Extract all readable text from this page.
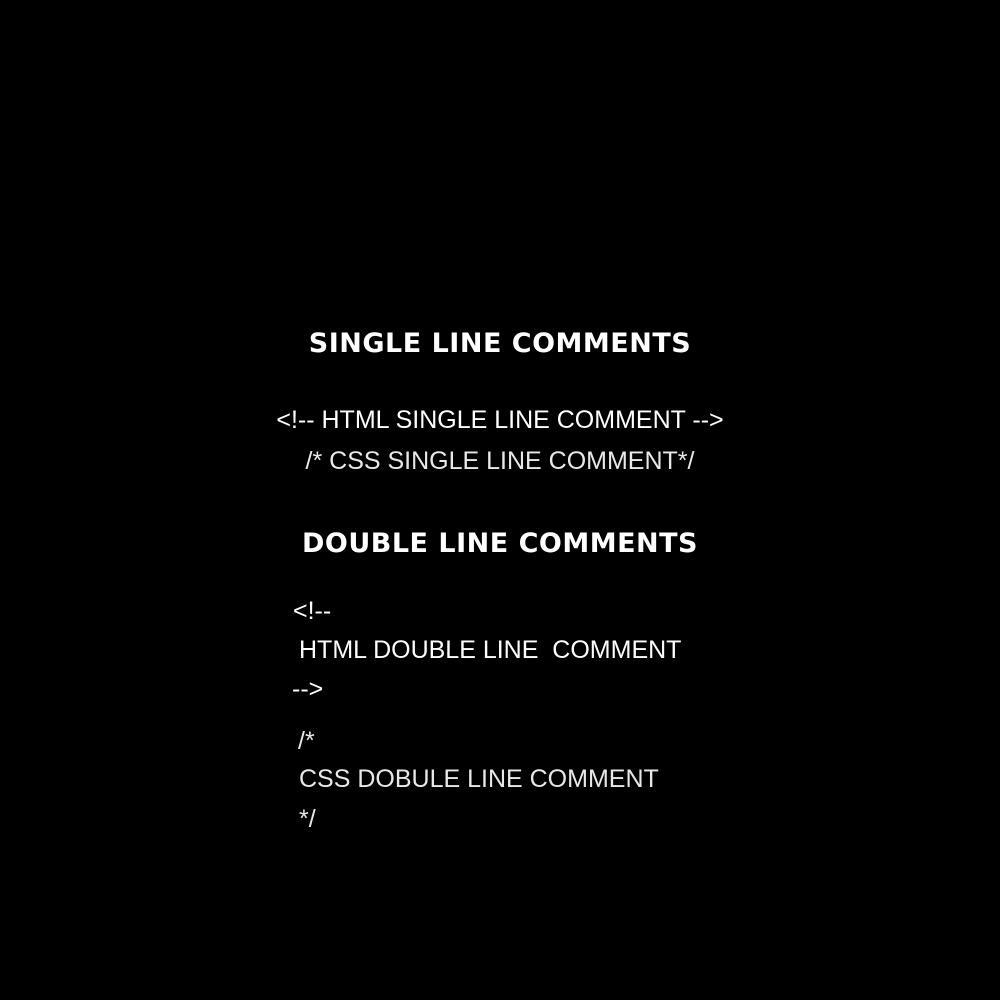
SINGLE LINE COMMENTS

<!-- HTML SINGLE LINE COMMENT -->

/* CSS SINGLE LINE COMMENT*/

DOUBLE LINE COMMENTS

<!--

HTML DOUBLE LINE  COMMENT

-->

/*

CSS DOBULE LINE COMMENT

*/
